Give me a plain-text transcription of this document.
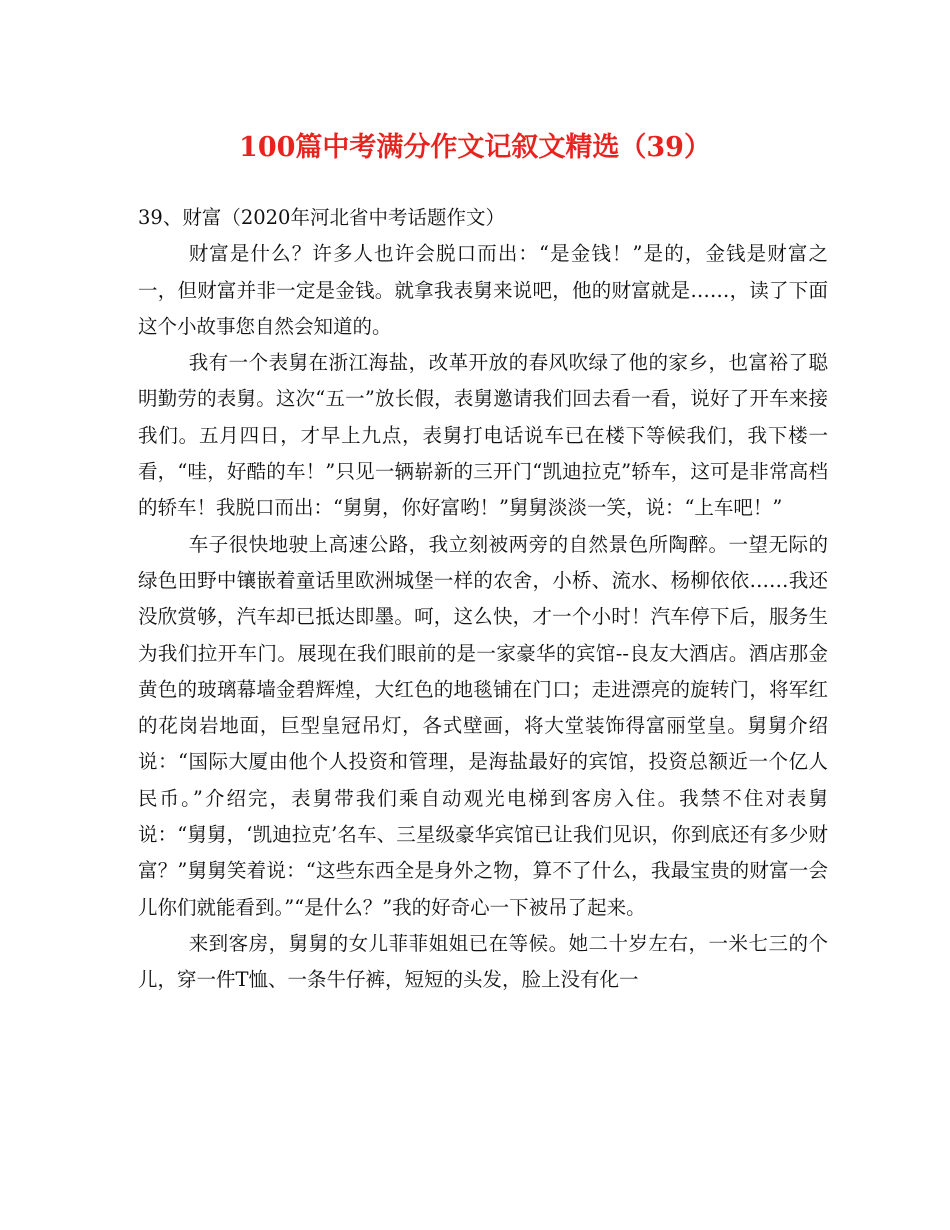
100篇中考满分作文记叙文精选（39）

39、财富（2020年河北省中考话题作文）

财富是什么？许多人也许会脱口而出：“是金钱！”是的，金钱是财富之一，但财富并非一定是金钱。就拿我表舅来说吧，他的财富就是……，读了下面这个小故事您自然会知道的。

我有一个表舅在浙江海盐，改革开放的春风吹绿了他的家乡，也富裕了聪明勤劳的表舅。这次“五一”放长假，表舅邀请我们回去看一看，说好了开车来接我们。五月四日，才早上九点，表舅打电话说车已在楼下等候我们，我下楼一看，“哇，好酷的车！”只见一辆崭新的三开门“凯迪拉克”轿车，这可是非常高档的轿车！我脱口而出：“舅舅，你好富哟！”舅舅淡淡一笑，说：“上车吧！”

车子很快地驶上高速公路，我立刻被两旁的自然景色所陶醉。一望无际的绿色田野中镶嵌着童话里欧洲城堡一样的农舍，小桥、流水、杨柳依依……我还没欣赏够，汽车却已抵达即墨。呵，这么快，才一个小时！汽车停下后，服务生为我们拉开车门。展现在我们眼前的是一家豪华的宾馆--良友大酒店。酒店那金黄色的玻璃幕墙金碧辉煌，大红色的地毯铺在门口；走进漂亮的旋转门，将军红的花岗岩地面，巨型皇冠吊灯，各式壁画，将大堂装饰得富丽堂皇。舅舅介绍说：“国际大厦由他个人投资和管理，是海盐最好的宾馆，投资总额近一个亿人民币。”介绍完，表舅带我们乘自动观光电梯到客房入住。我禁不住对表舅说：“舅舅，‘凯迪拉克’名车、三星级豪华宾馆已让我们见识，你到底还有多少财富？”舅舅笑着说：“这些东西全是身外之物，算不了什么，我最宝贵的财富一会儿你们就能看到。”“是什么？”我的好奇心一下被吊了起来。

来到客房，舅舅的女儿菲菲姐姐已在等候。她二十岁左右，一米七三的个儿，穿一件T恤、一条牛仔裤，短短的头发，脸上没有化一
